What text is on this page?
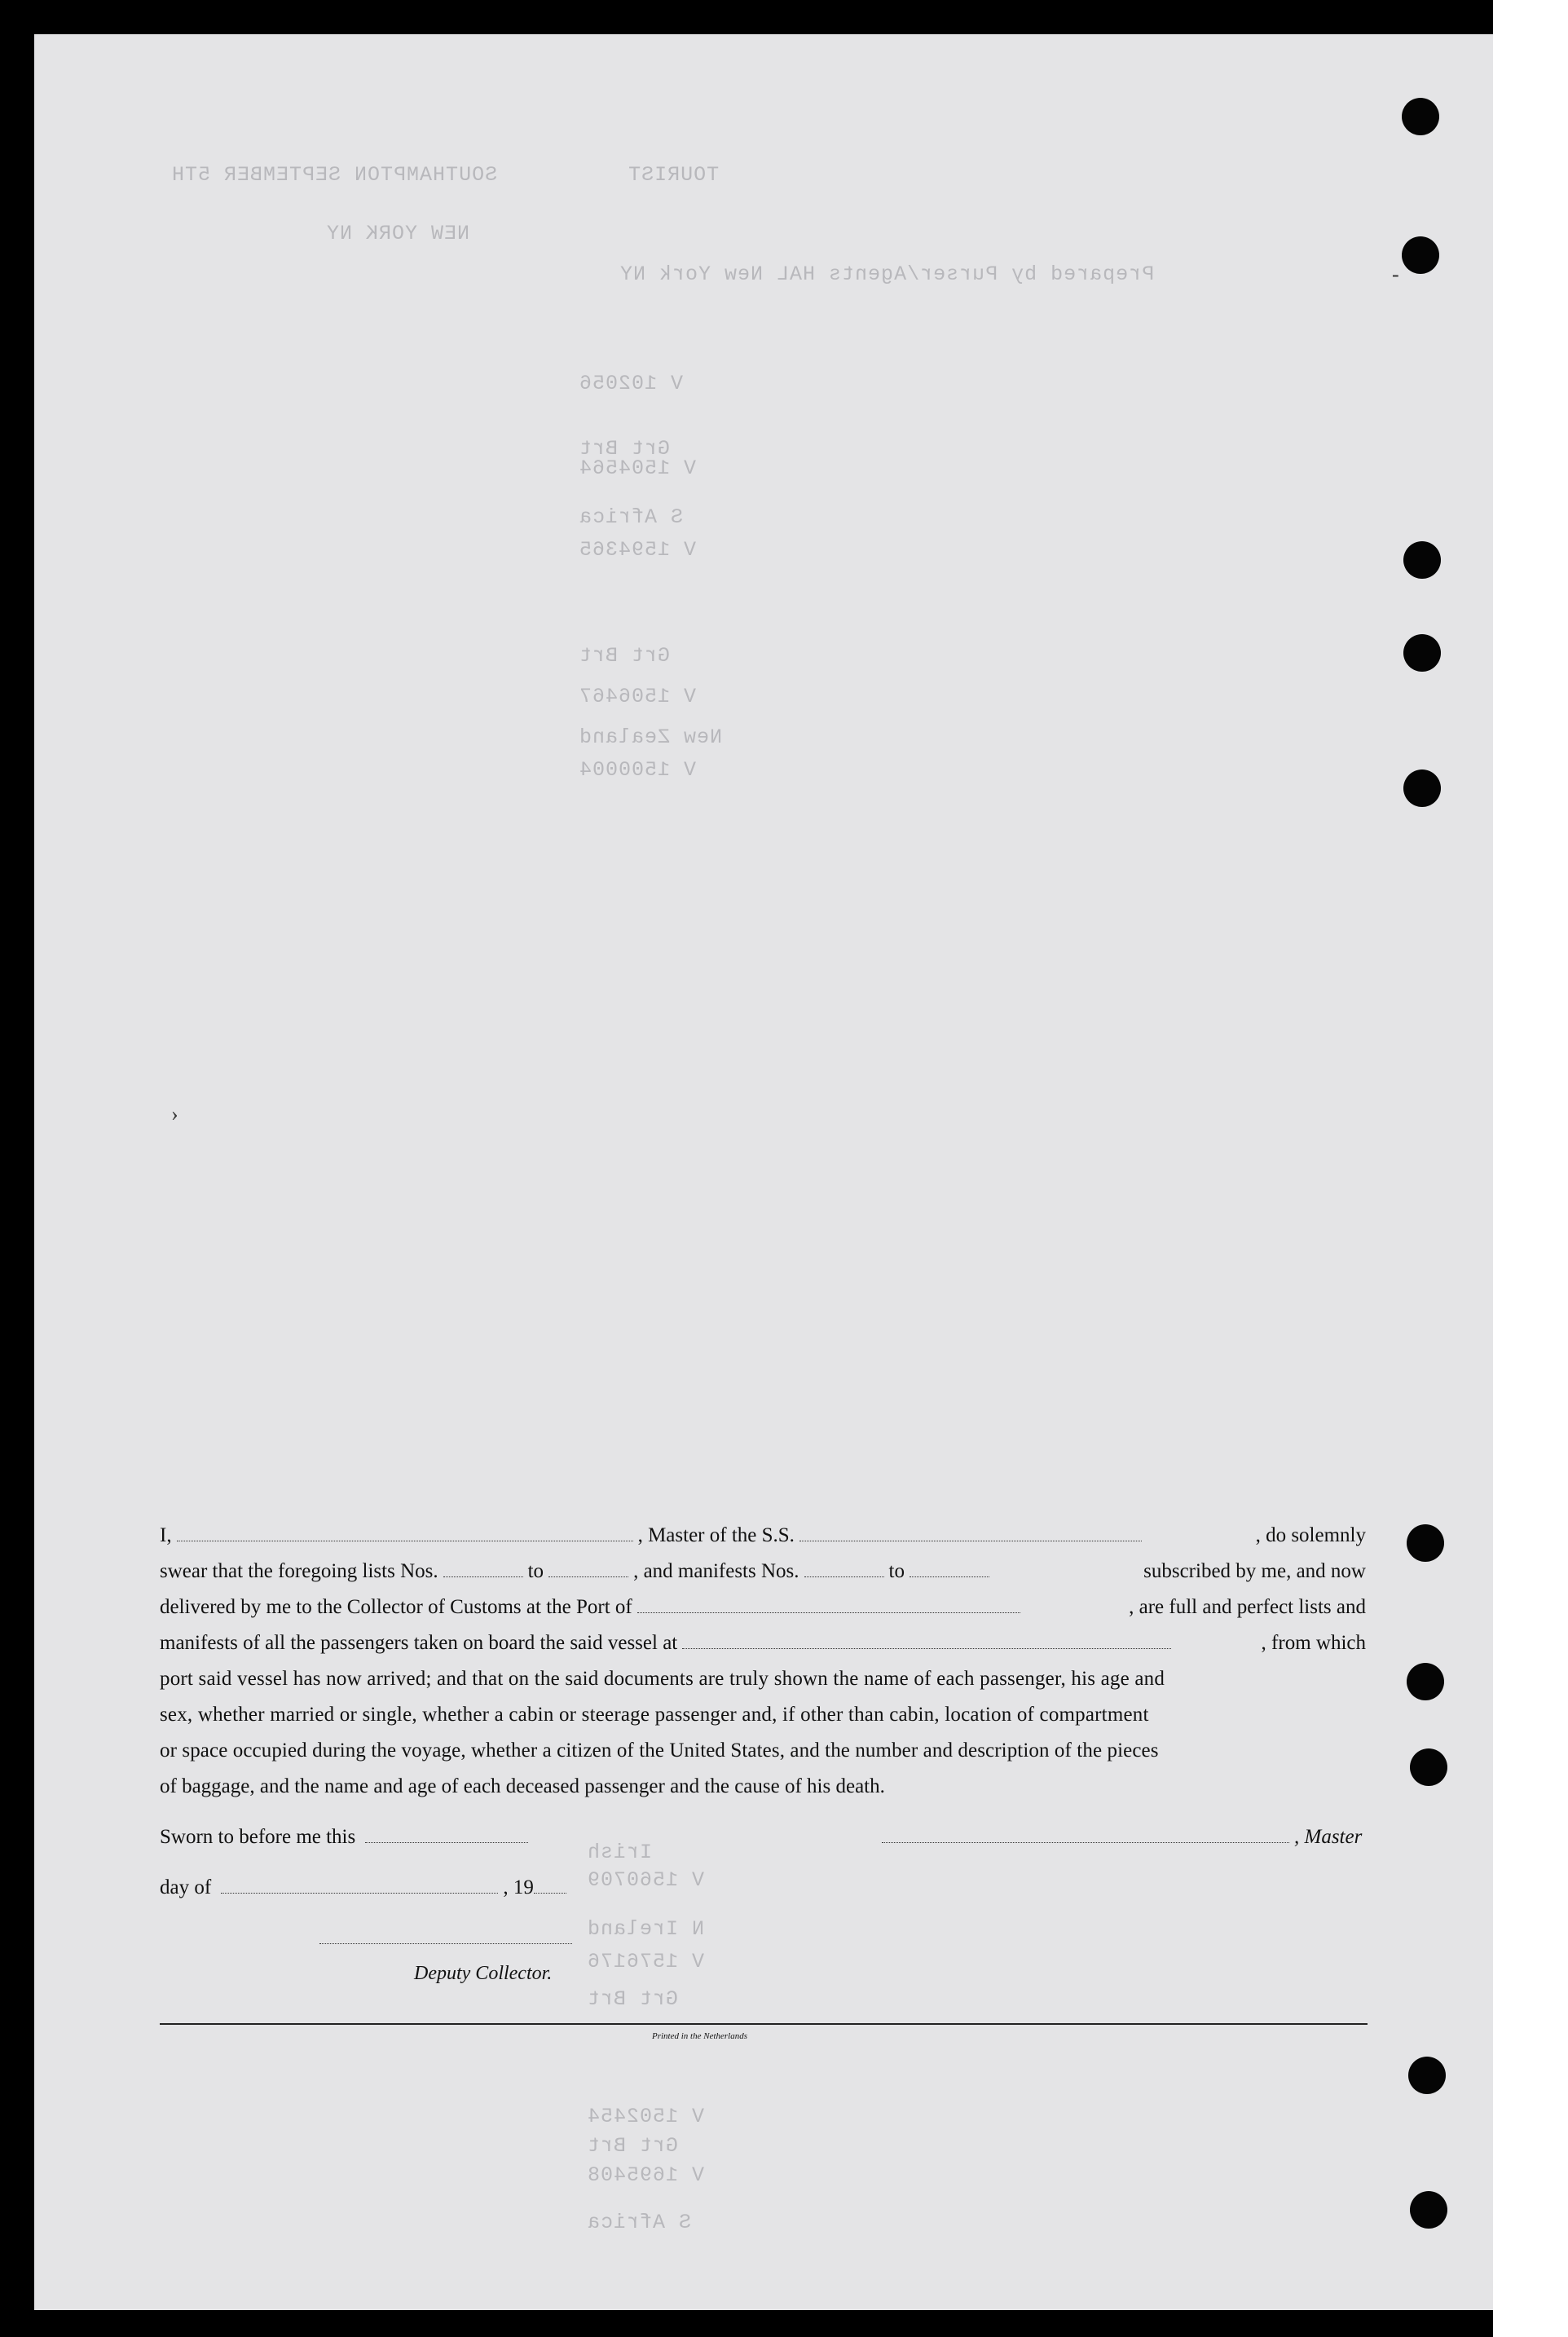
TOURIST          SOUTHAMPTON SEPTEMBER 5TH
NEW YORK NY
Prepared by Purser/Agents HAL New York NY
V 102056
Grt Brt
V 1504564
S Africa
V 1594365
Grt Brt
V 1506467
New Zealand
V 1500004
Irish
V 1560709
N Ireland
V 1576176
Grt Brt
V 1502454
Grt Brt
V 1695408
S Africa
›
-
I,	, Master of the S.S.	, do solemnly
swear that the foregoing lists Nos.	to	, and manifests Nos.	to	subscribed by me, and now
delivered by me to the Collector of Customs at the Port of	, are full and perfect lists and
manifests of all the passengers taken on board the said vessel at	, from which
port said vessel has now arrived; and that on the said documents are truly shown the name of each passenger, his age and
sex, whether married or single, whether a cabin or steerage passenger and, if other than cabin, location of compartment
or space occupied during the voyage, whether a citizen of the United States, and the number and description of the pieces
of baggage, and the name and age of each deceased passenger and the cause of his death.
Sworn to before me this	, Master
day of	, 19
Deputy Collector.
Printed in the Netherlands
